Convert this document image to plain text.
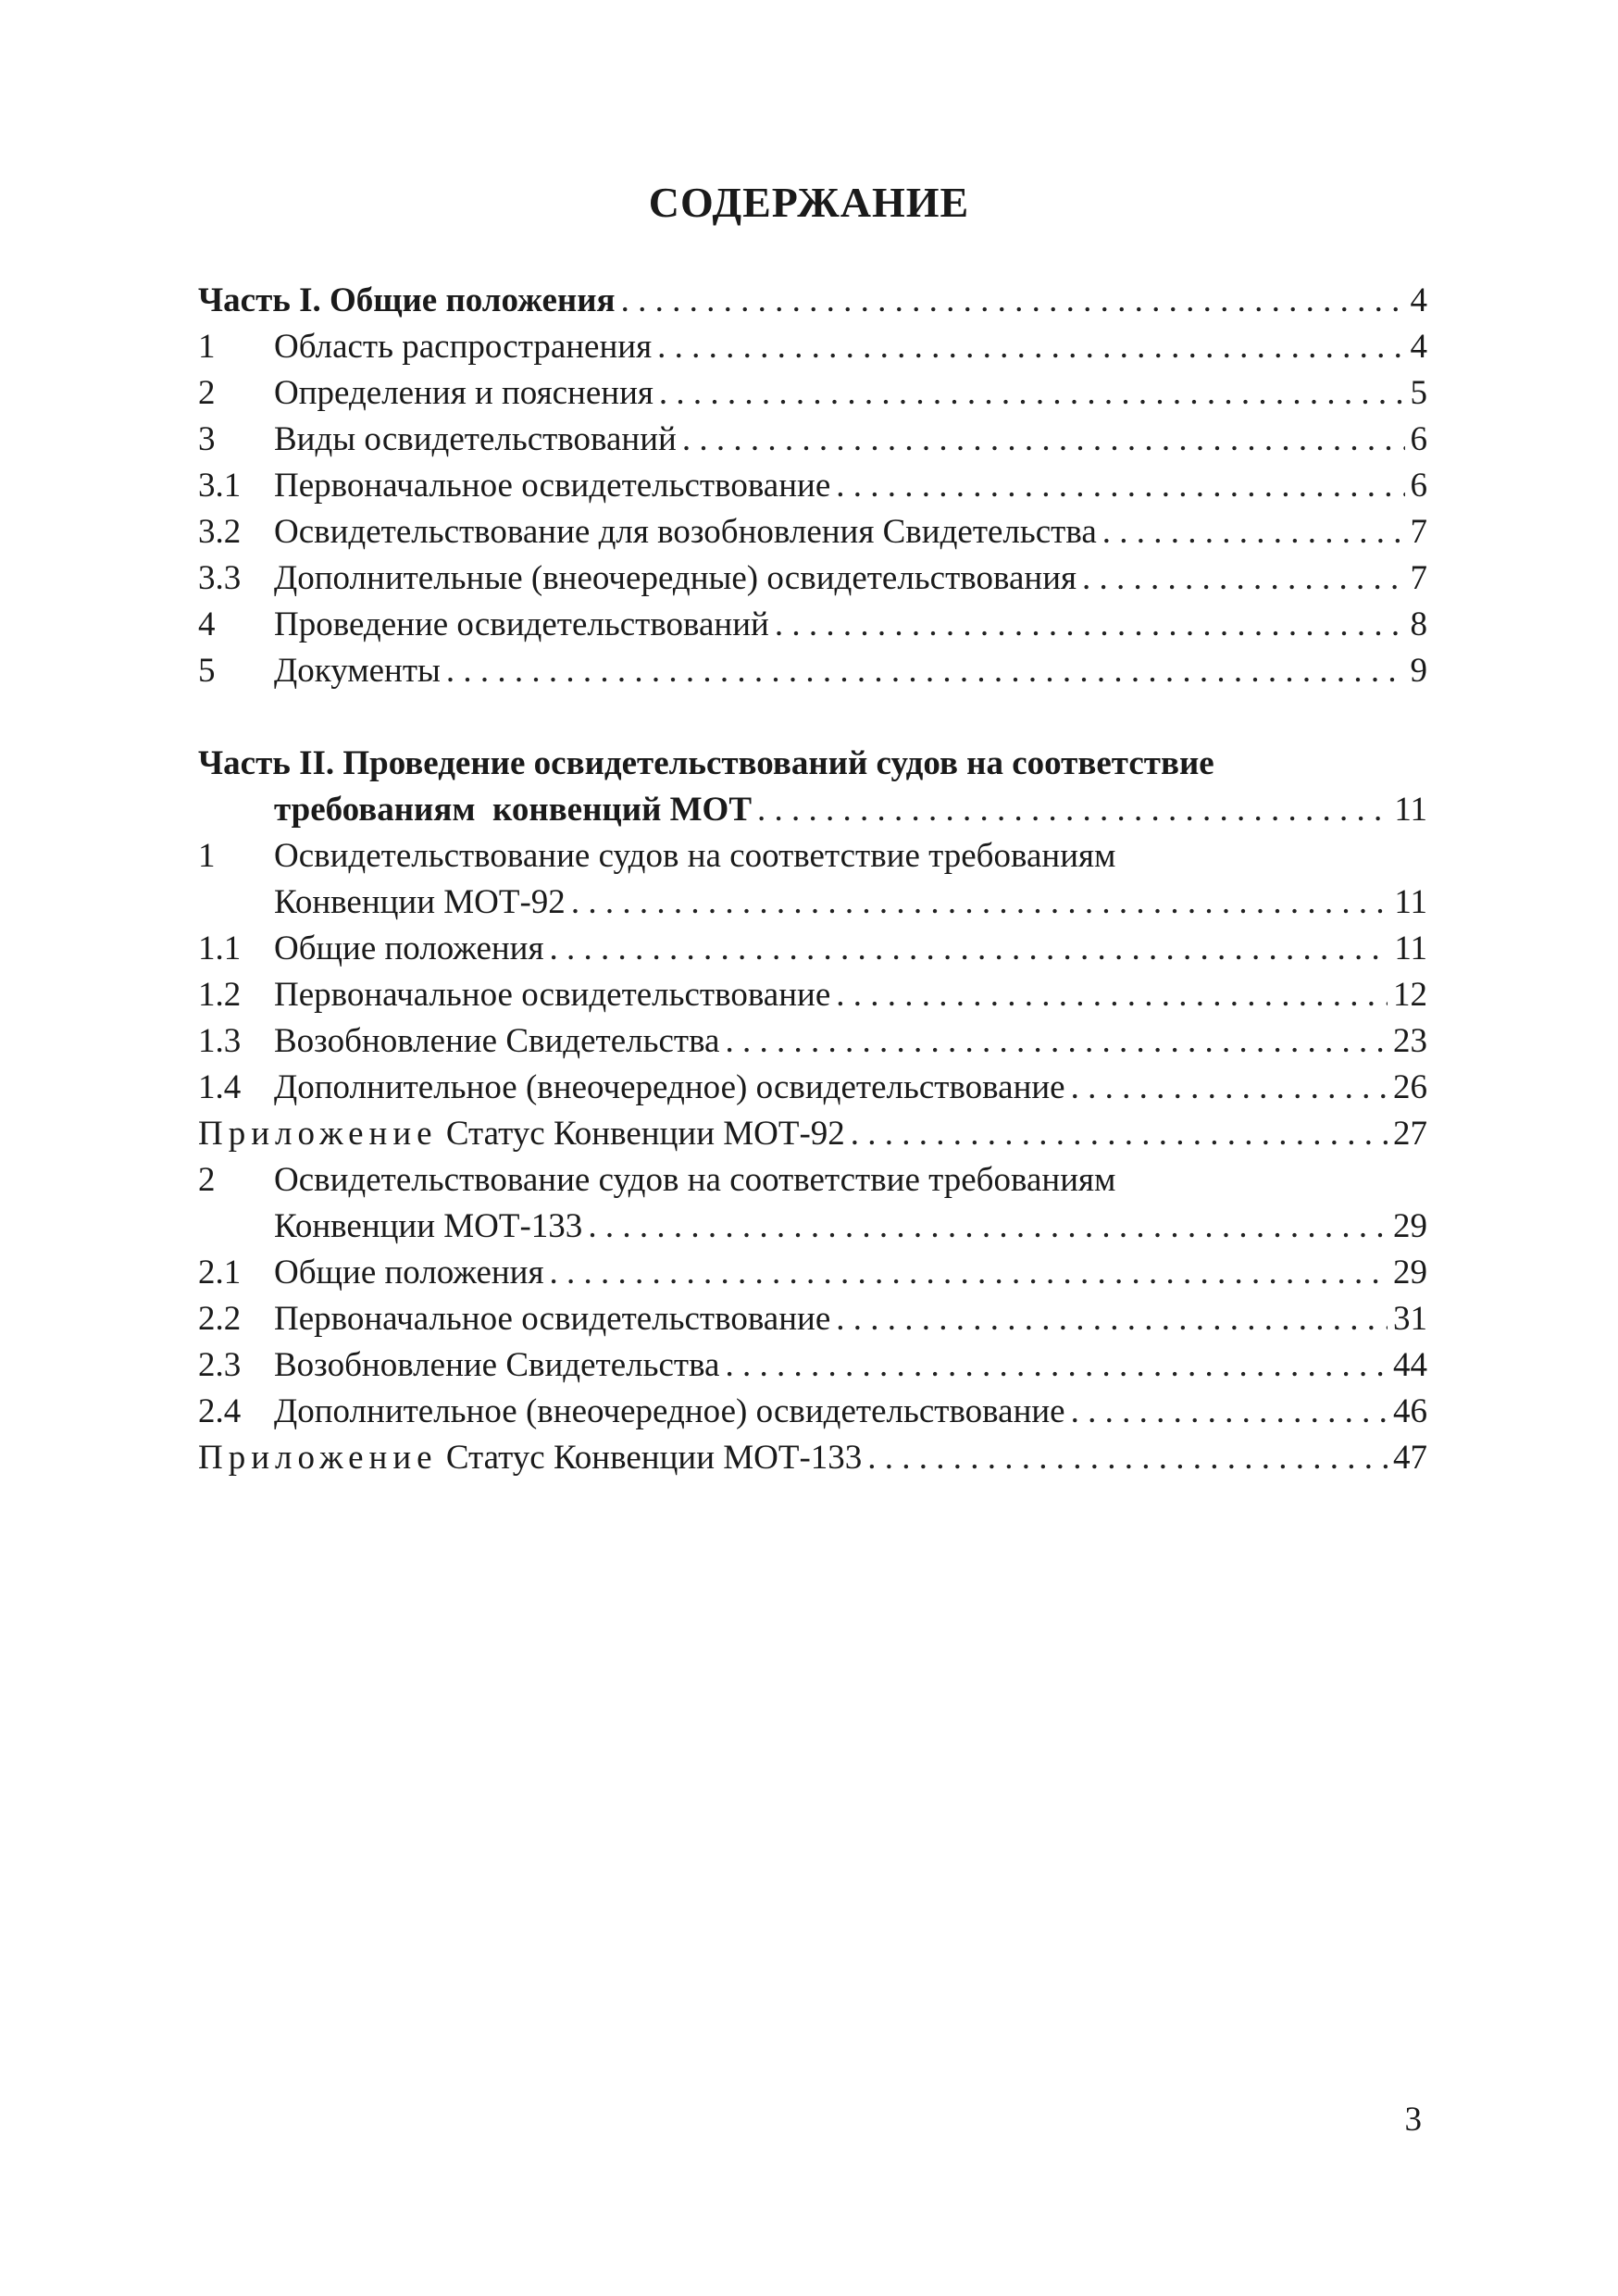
СОДЕРЖАНИЕ
Часть I. Общие положения . . .	4
1 Область распространения . . .	4
2 Определения и пояснения . . .	5
3 Виды освидетельствований . . .	6
3.1 Первоначальное освидетельствование . . .	6
3.2 Освидетельствование для возобновления Свидетельства . . .	7
3.3 Дополнительные (внеочередные) освидетельствования . . .	7
4 Проведение освидетельствований . . .	8
5 Документы . . .	9
Часть II. Проведение освидетельствований судов на соответствие
требованиям  конвенций МОТ . . .	11
1 Освидетельствование судов на соответствие требованиям
Конвенции МОТ-92 . . .	11
1.1 Общие положения . . .	11
1.2 Первоначальное освидетельствование . . .	12
1.3 Возобновление Свидетельства . . .	23
1.4 Дополнительное (внеочередное) освидетельствование . . .	26
Приложение Статус Конвенции МОТ-92 . . .	27
2 Освидетельствование судов на соответствие требованиям
Конвенции МОТ-133 . . .	29
2.1 Общие положения . . .	29
2.2 Первоначальное освидетельствование . . .	31
2.3 Возобновление Свидетельства . . .	44
2.4 Дополнительное (внеочередное) освидетельствование . . .	46
Приложение Статус Конвенции МОТ-133 . . .	47
3
